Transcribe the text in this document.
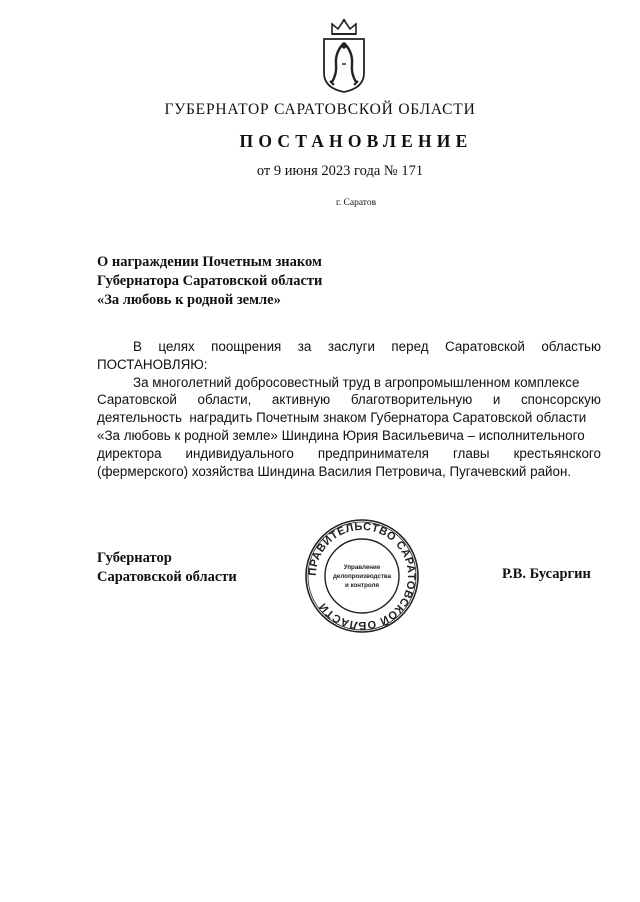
ГУБЕРНАТОР САРАТОВСКОЙ ОБЛАСТИ
ПОСТАНОВЛЕНИЕ
от 9 июня 2023 года № 171
г. Саратов
О награждении Почетным знаком
Губернатора Саратовской области
«За любовь к родной земле»
В целях поощрения за заслуги перед Саратовской областью
ПОСТАНОВЛЯЮ:
За многолетний добросовестный труд в агропромышленном комплексе
Саратовской области, активную благотворительную и спонсорскую
деятельность  наградить Почетным знаком Губернатора Саратовской области
«За любовь к родной земле» Шиндина Юрия Васильевича – исполнительного
директора индивидуального предпринимателя главы крестьянского
(фермерского) хозяйства Шиндина Василия Петровича, Пугачевский район.
Губернатор
Саратовской области	ПРАВИТЕЛЬСТВО САРАТОВСКОЙ ОБЛАСТИ
Управление
делопроизводства
и контроля
Р.В. Бусаргин
